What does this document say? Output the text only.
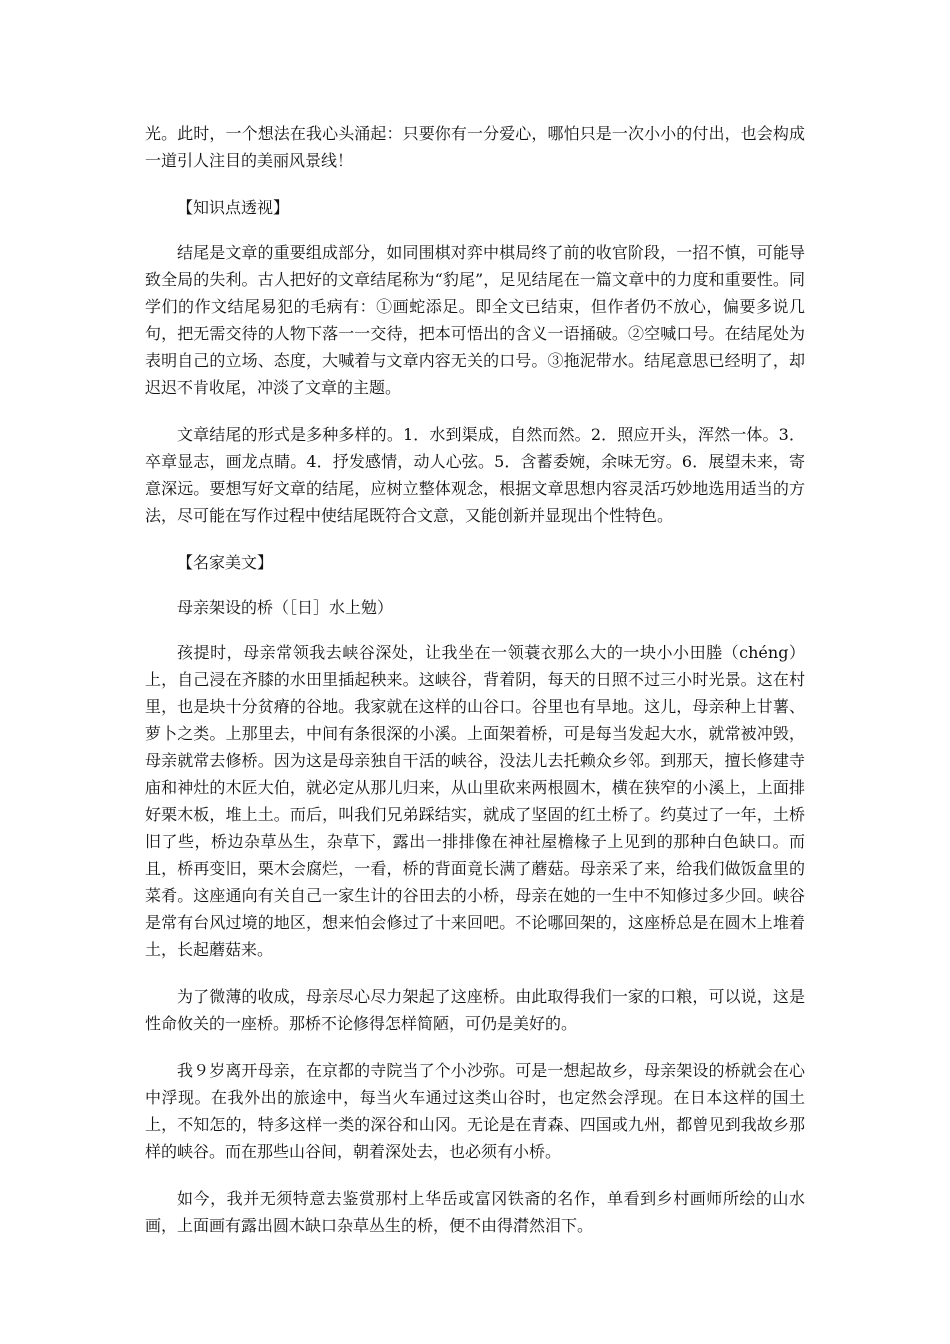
光。此时，一个想法在我心头涌起：只要你有一分爱心，哪怕只是一次小小的付出，也会构成一道引人注目的美丽风景线！

【知识点透视】

结尾是文章的重要组成部分，如同围棋对弈中棋局终了前的收官阶段，一招不慎，可能导致全局的失利。古人把好的文章结尾称为“豹尾”，足见结尾在一篇文章中的力度和重要性。同学们的作文结尾易犯的毛病有：①画蛇添足。即全文已结束，但作者仍不放心，偏要多说几句，把无需交待的人物下落一一交待，把本可悟出的含义一语捅破。②空喊口号。在结尾处为表明自己的立场、态度，大喊着与文章内容无关的口号。③拖泥带水。结尾意思已经明了，却迟迟不肯收尾，冲淡了文章的主题。

文章结尾的形式是多种多样的。1．水到渠成，自然而然。2．照应开头，浑然一体。3．卒章显志，画龙点睛。4．抒发感情，动人心弦。5．含蓄委婉，余味无穷。6．展望未来，寄意深远。要想写好文章的结尾，应树立整体观念，根据文章思想内容灵活巧妙地选用适当的方法，尽可能在写作过程中使结尾既符合文意，又能创新并显现出个性特色。

【名家美文】

母亲架设的桥（［日］水上勉）

孩提时，母亲常领我去峡谷深处，让我坐在一领蓑衣那么大的一块小小田塍（chéng）上，自己浸在齐膝的水田里插起秧来。这峡谷，背着阴，每天的日照不过三小时光景。这在村里，也是块十分贫瘠的谷地。我家就在这样的山谷口。谷里也有旱地。这儿，母亲种上甘薯、萝卜之类。上那里去，中间有条很深的小溪。上面架着桥，可是每当发起大水，就常被冲毁，母亲就常去修桥。因为这是母亲独自干活的峡谷，没法儿去托赖众乡邻。到那天，擅长修建寺庙和神灶的木匠大伯，就必定从那儿归来，从山里砍来两根圆木，横在狭窄的小溪上，上面排好栗木板，堆上土。而后，叫我们兄弟踩结实，就成了坚固的红土桥了。约莫过了一年，土桥旧了些，桥边杂草丛生，杂草下，露出一排排像在神社屋檐椽子上见到的那种白色缺口。而且，桥再变旧，栗木会腐烂，一看，桥的背面竟长满了蘑菇。母亲采了来，给我们做饭盒里的菜肴。这座通向有关自己一家生计的谷田去的小桥，母亲在她的一生中不知修过多少回。峡谷是常有台风过境的地区，想来怕会修过了十来回吧。不论哪回架的，这座桥总是在圆木上堆着土，长起蘑菇来。

为了微薄的收成，母亲尽心尽力架起了这座桥。由此取得我们一家的口粮，可以说，这是性命攸关的一座桥。那桥不论修得怎样简陋，可仍是美好的。

我９岁离开母亲，在京都的寺院当了个小沙弥。可是一想起故乡，母亲架设的桥就会在心中浮现。在我外出的旅途中，每当火车通过这类山谷时，也定然会浮现。在日本这样的国土上，不知怎的，特多这样一类的深谷和山冈。无论是在青森、四国或九州，都曾见到我故乡那样的峡谷。而在那些山谷间，朝着深处去，也必须有小桥。

如今，我并无须特意去鉴赏那村上华岳或富冈铁斋的名作，单看到乡村画师所绘的山水画，上面画有露出圆木缺口杂草丛生的桥，便不由得潸然泪下。
